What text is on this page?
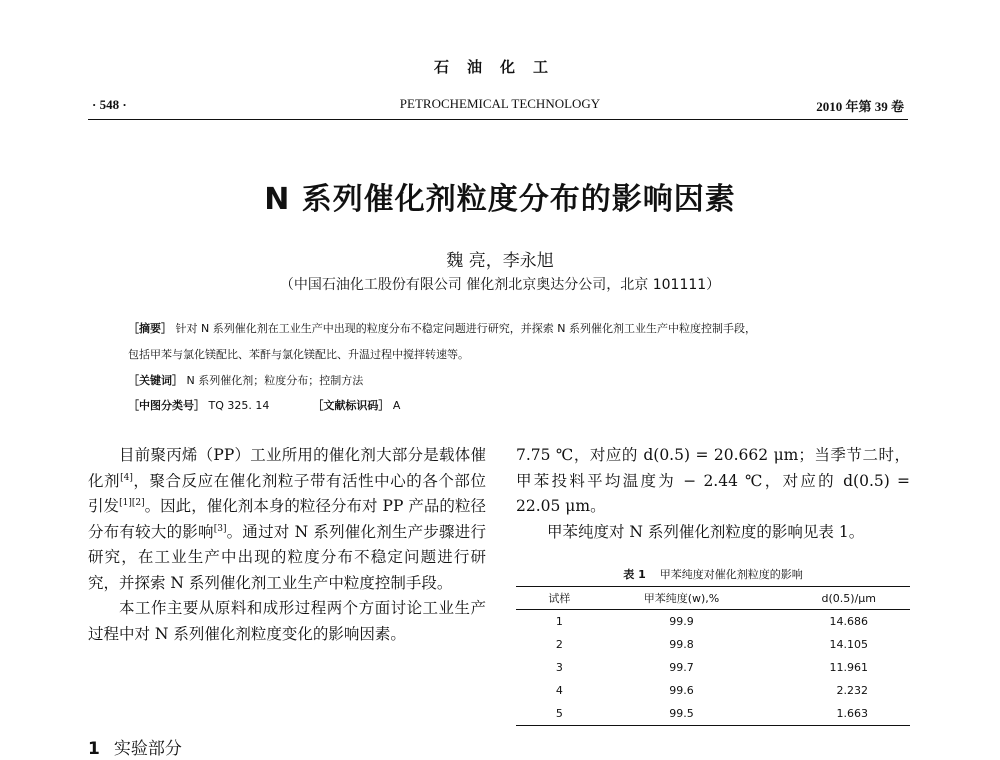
石油化工
· 548 ·	PETROCHEMICAL TECHNOLOGY	2010 年第 39 卷
N 系列催化剂粒度分布的影响因素
魏 亮，李永旭
（中国石油化工股份有限公司 催化剂北京奥达分公司，北京 101111）
［摘要］ 针对 N 系列催化剂在工业生产中出现的粒度分布不稳定问题进行研究，并探索 N 系列催化剂工业生产中粒度控制手段，
包括甲苯与氯化镁配比、苯酐与氯化镁配比、升温过程中搅拌转速等。
［关键词］ N 系列催化剂；粒度分布；控制方法
［中图分类号］ TQ 325. 14	［文献标识码］ A

目前聚丙烯（PP）工业所用的催化剂大部分是载体催化剂[4]，聚合反应在催化剂粒子带有活性中心的各个部位引发[1][2]。因此，催化剂本身的粒径分布对 PP 产品的粒径分布有较大的影响[3]。通过对 N 系列催化剂生产步骤进行研究，在工业生产中出现的粒度分布不稳定问题进行研究，并探索 N 系列催化剂工业生产中粒度控制手段。

本工作主要从原料和成形过程两个方面讨论工业生产过程中对 N 系列催化剂粒度变化的影响因素。

1 实验部分

7.75 ℃，对应的 d(0.5) = 20.662 μm；当季节二时，甲苯投料平均温度为 − 2.44 ℃，对应的 d(0.5) = 22.05 μm。

甲苯纯度对 N 系列催化剂粒度的影响见表 1。

表 1 甲苯纯度对催化剂粒度的影响
试样	甲苯纯度(w),%	d(0.5)/μm
1	99.9	14.686
2	99.8	14.105
3	99.7	11.961
4	99.6	2.232
5	99.5	1.663
